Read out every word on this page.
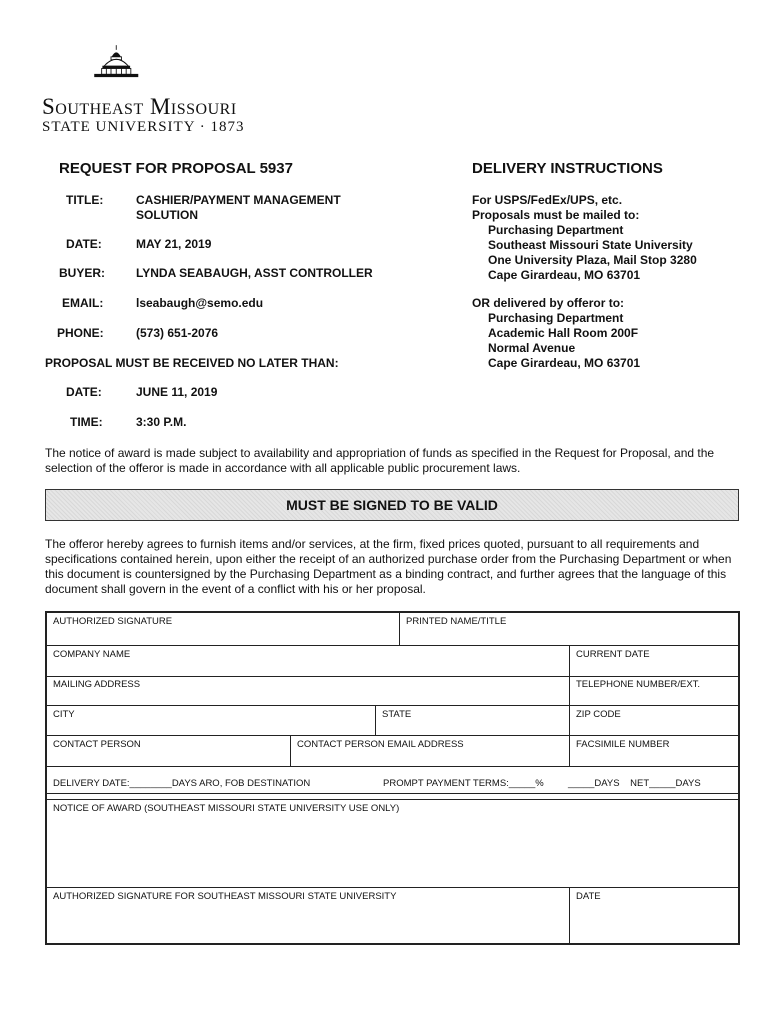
Southeast Missouri
STATE UNIVERSITY · 1873
REQUEST FOR PROPOSAL 5937
TITLE:	CASHIER/PAYMENT MANAGEMENT SOLUTION
DATE:	MAY 21, 2019
BUYER:	LYNDA SEABAUGH, ASST CONTROLLER
EMAIL:	lseabaugh@semo.edu
PHONE:	(573) 651-2076
PROPOSAL MUST BE RECEIVED NO LATER THAN:
DATE:	JUNE 11, 2019
TIME:	3:30 P.M.
DELIVERY INSTRUCTIONS
For USPS/FedEx/UPS, etc.
Proposals must be mailed to:
Purchasing Department
Southeast Missouri State University
One University Plaza, Mail Stop 3280
Cape Girardeau, MO 63701
OR delivered by offeror to:
Purchasing Department
Academic Hall Room 200F
Normal Avenue
Cape Girardeau, MO 63701
The notice of award is made subject to availability and appropriation of funds as specified in the Request for Proposal, and the selection of the offeror is made in accordance with all applicable public procurement laws.
MUST BE SIGNED TO BE VALID
The offeror hereby agrees to furnish items and/or services, at the firm, fixed prices quoted, pursuant to all requirements and specifications contained herein, upon either the receipt of an authorized purchase order from the Purchasing Department or when this document is countersigned by the Purchasing Department as a binding contract, and further agrees that the language of this document shall govern in the event of a conflict with his or her proposal.
AUTHORIZED SIGNATURE	PRINTED NAME/TITLE
COMPANY NAME	CURRENT DATE
MAILING ADDRESS	TELEPHONE NUMBER/EXT.
CITY	STATE	ZIP CODE
CONTACT PERSON	CONTACT PERSON EMAIL ADDRESS	FACSIMILE NUMBER
DELIVERY DATE:________DAYS ARO, FOB DESTINATION	PROMPT PAYMENT TERMS:_____%	_____DAYS    NET_____DAYS
NOTICE OF AWARD (SOUTHEAST MISSOURI STATE UNIVERSITY USE ONLY)
AUTHORIZED SIGNATURE FOR SOUTHEAST MISSOURI STATE UNIVERSITY	DATE
